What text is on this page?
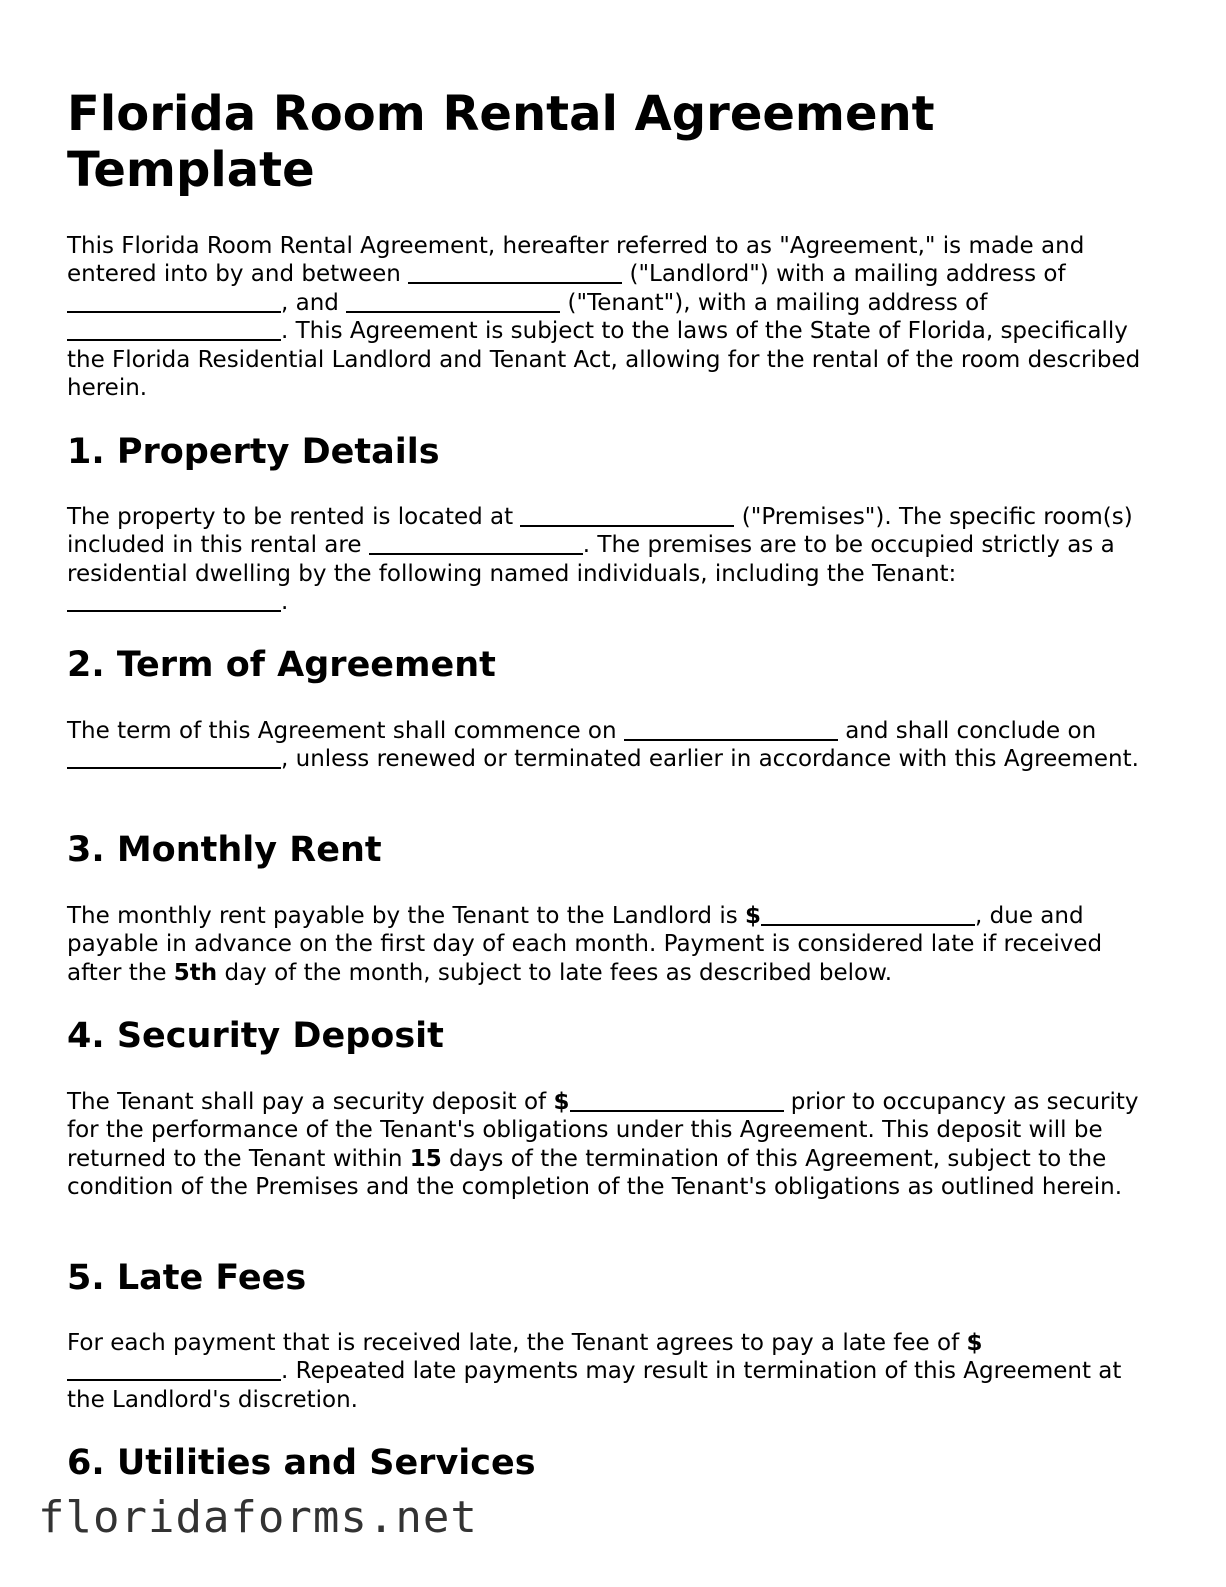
Florida Room Rental Agreement Template

This Florida Room Rental Agreement, hereafter referred to as "Agreement," is made and entered into by and between	("Landlord") with a mailing address of , and	("Tenant"), with a mailing address of . This Agreement is subject to the laws of the State of Florida, specifically the Florida Residential Landlord and Tenant Act, allowing for the rental of the room described herein.

1. Property Details

The property to be rented is located at	("Premises"). The specific room(s) included in this rental are	. The premises are to be occupied strictly as a residential dwelling by the following named individuals, including the Tenant: .

2. Term of Agreement

The term of this Agreement shall commence on	and shall conclude on , unless renewed or terminated earlier in accordance with this Agreement.

3. Monthly Rent

The monthly rent payable by the Tenant to the Landlord is $	, due and payable in advance on the first day of each month. Payment is considered late if received after the 5th day of the month, subject to late fees as described below.

4. Security Deposit

The Tenant shall pay a security deposit of $	prior to occupancy as security for the performance of the Tenant's obligations under this Agreement. This deposit will be returned to the Tenant within 15 days of the termination of this Agreement, subject to the condition of the Premises and the completion of the Tenant's obligations as outlined herein.

5. Late Fees

For each payment that is received late, the Tenant agrees to pay a late fee of $. Repeated late payments may result in termination of this Agreement at the Landlord's discretion.

6. Utilities and Services
floridaforms.net
